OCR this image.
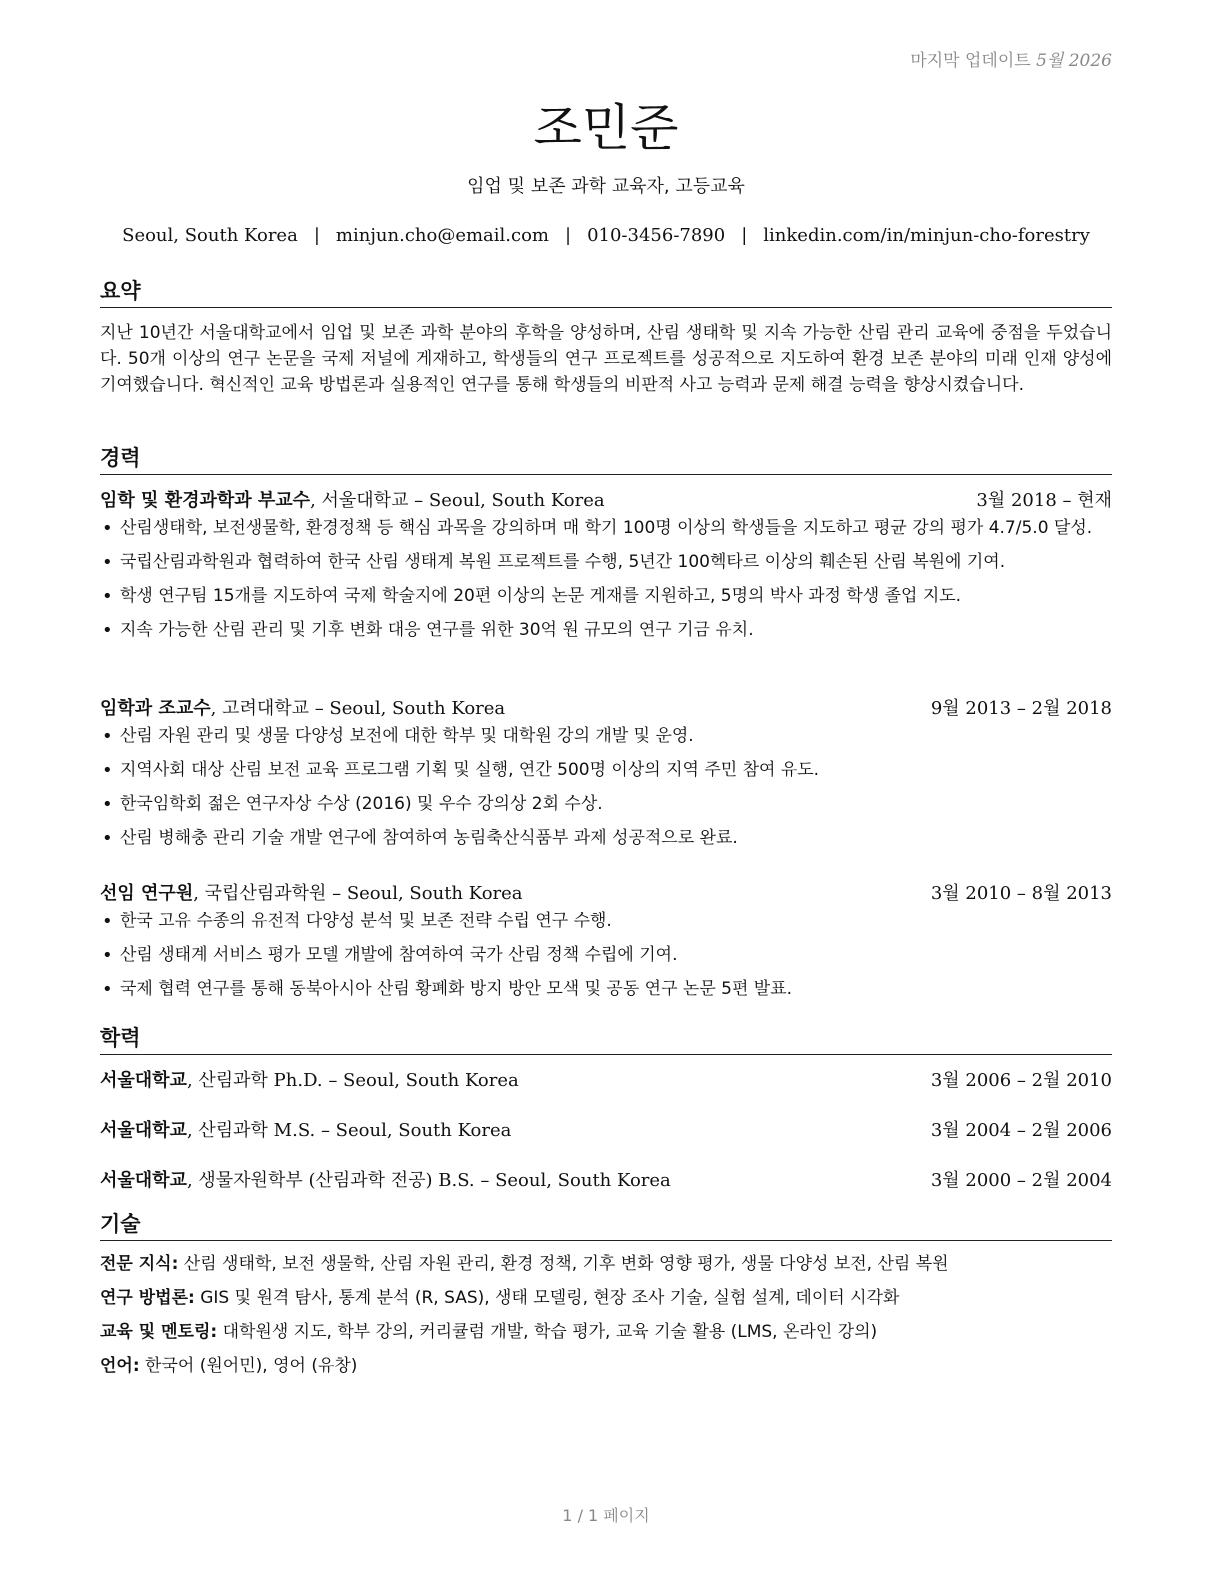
마지막 업데이트 5월 2026
조민준
임업 및 보존 과학 교육자, 고등교육
Seoul, South Korea | minjun.cho@email.com | 010-3456-7890 | linkedin.com/in/minjun-cho-forestry
요약
지난 10년간 서울대학교에서 임업 및 보존 과학 분야의 후학을 양성하며, 산림 생태학 및 지속 가능한 산림 관리 교육에 중점을 두었습니다. 50개 이상의 연구 논문을 국제 저널에 게재하고, 학생들의 연구 프로젝트를 성공적으로 지도하여 환경 보존 분야의 미래 인재 양성에 기여했습니다. 혁신적인 교육 방법론과 실용적인 연구를 통해 학생들의 비판적 사고 능력과 문제 해결 능력을 향상시켰습니다.
경력
임학 및 환경과학과 부교수, 서울대학교 – Seoul, South Korea	3월 2018 – 현재
• 산림생태학, 보전생물학, 환경정책 등 핵심 과목을 강의하며 매 학기 100명 이상의 학생들을 지도하고 평균 강의 평가 4.7/5.0 달성.
• 국립산림과학원과 협력하여 한국 산림 생태계 복원 프로젝트를 수행, 5년간 100헥타르 이상의 훼손된 산림 복원에 기여.
• 학생 연구팀 15개를 지도하여 국제 학술지에 20편 이상의 논문 게재를 지원하고, 5명의 박사 과정 학생 졸업 지도.
• 지속 가능한 산림 관리 및 기후 변화 대응 연구를 위한 30억 원 규모의 연구 기금 유치.
임학과 조교수, 고려대학교 – Seoul, South Korea	9월 2013 – 2월 2018
• 산림 자원 관리 및 생물 다양성 보전에 대한 학부 및 대학원 강의 개발 및 운영.
• 지역사회 대상 산림 보전 교육 프로그램 기획 및 실행, 연간 500명 이상의 지역 주민 참여 유도.
• 한국임학회 젊은 연구자상 수상 (2016) 및 우수 강의상 2회 수상.
• 산림 병해충 관리 기술 개발 연구에 참여하여 농림축산식품부 과제 성공적으로 완료.
선임 연구원, 국립산림과학원 – Seoul, South Korea	3월 2010 – 8월 2013
• 한국 고유 수종의 유전적 다양성 분석 및 보존 전략 수립 연구 수행.
• 산림 생태계 서비스 평가 모델 개발에 참여하여 국가 산림 정책 수립에 기여.
• 국제 협력 연구를 통해 동북아시아 산림 황폐화 방지 방안 모색 및 공동 연구 논문 5편 발표.
학력
서울대학교, 산림과학 Ph.D. – Seoul, South Korea	3월 2006 – 2월 2010
서울대학교, 산림과학 M.S. – Seoul, South Korea	3월 2004 – 2월 2006
서울대학교, 생물자원학부 (산림과학 전공) B.S. – Seoul, South Korea	3월 2000 – 2월 2004
기술
전문 지식: 산림 생태학, 보전 생물학, 산림 자원 관리, 환경 정책, 기후 변화 영향 평가, 생물 다양성 보전, 산림 복원
연구 방법론: GIS 및 원격 탐사, 통계 분석 (R, SAS), 생태 모델링, 현장 조사 기술, 실험 설계, 데이터 시각화
교육 및 멘토링: 대학원생 지도, 학부 강의, 커리큘럼 개발, 학습 평가, 교육 기술 활용 (LMS, 온라인 강의)
언어: 한국어 (원어민), 영어 (유창)
1 / 1 페이지
